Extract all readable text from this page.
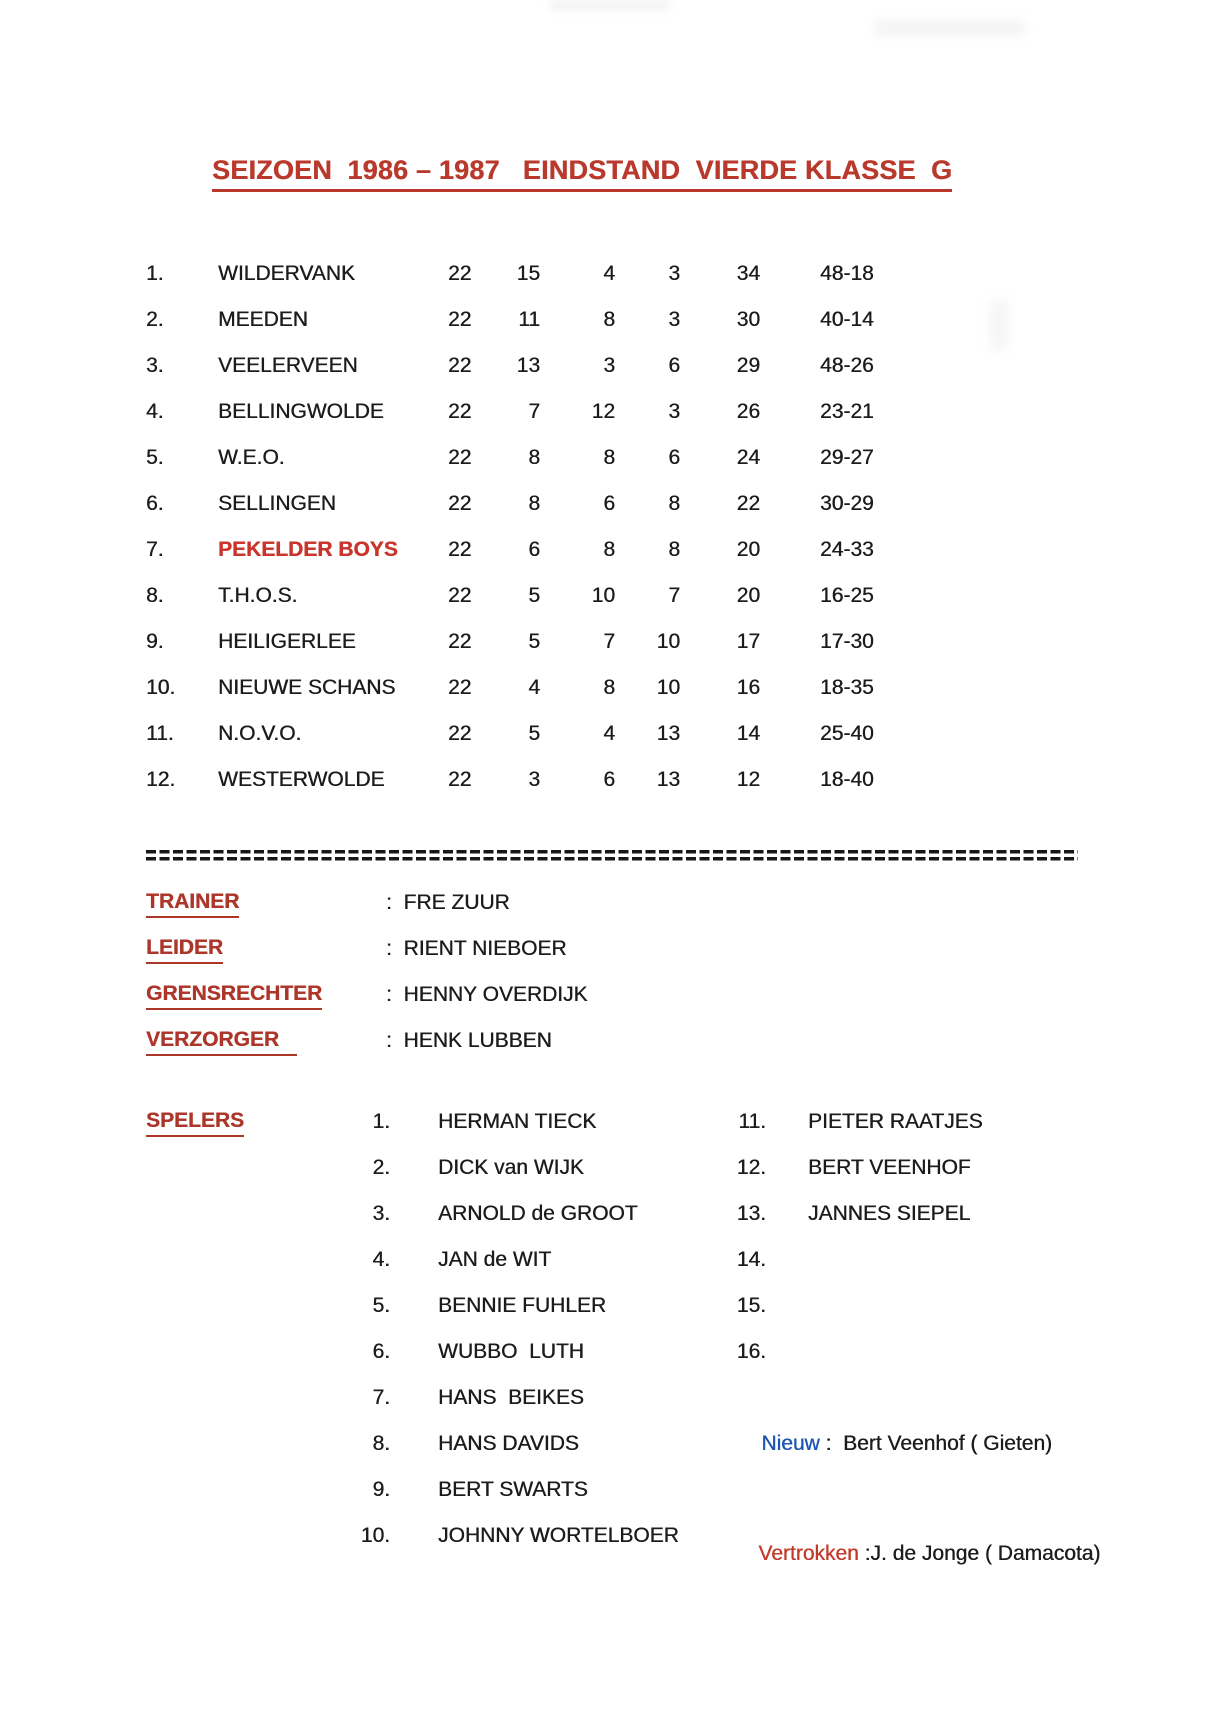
SEIZOEN  1986 – 1987   EINDSTAND  VIERDE KLASSE  G
1.	WILDERVANK	22	15	4	3	34	48-18
2.	MEEDEN	22	11	8	3	30	40-14
3.	VEELERVEEN	22	13	3	6	29	48-26
4.	BELLINGWOLDE	22	7	12	3	26	23-21
5.	W.E.O.	22	8	8	6	24	29-27
6.	SELLINGEN	22	8	6	8	22	30-29
7.	PEKELDER BOYS	22	6	8	8	20	24-33
8.	T.H.O.S.	22	5	10	7	20	16-25
9.	HEILIGERLEE	22	5	7	10	17	17-30
10.	NIEUWE SCHANS	22	4	8	10	16	18-35
11.	N.O.V.O.	22	5	4	13	14	25-40
12.	WESTERWOLDE	22	3	6	13	12	18-40
TRAINER	: FRE ZUUR
LEIDER	: RIENT NIEBOER
GRENSRECHTER	: HENNY OVERDIJK
VERZORGER	: HENK LUBBEN
SPELERS	1. HERMAN TIECK
2. DICK van WIJK
3. ARNOLD de GROOT
4. JAN de WIT
5. BENNIE FUHLER
6. WUBBO  LUTH
7. HANS  BEIKES
8. HANS DAVIDS
9. BERT SWARTS
10. JOHNNY WORTELBOER
11. PIETER RAATJES
12. BERT VEENHOF
13. JANNES SIEPEL
14.
15.
16.

Nieuw :  Bert Veenhof ( Gieten)

Vertrokken :J. de Jonge ( Damacota)
